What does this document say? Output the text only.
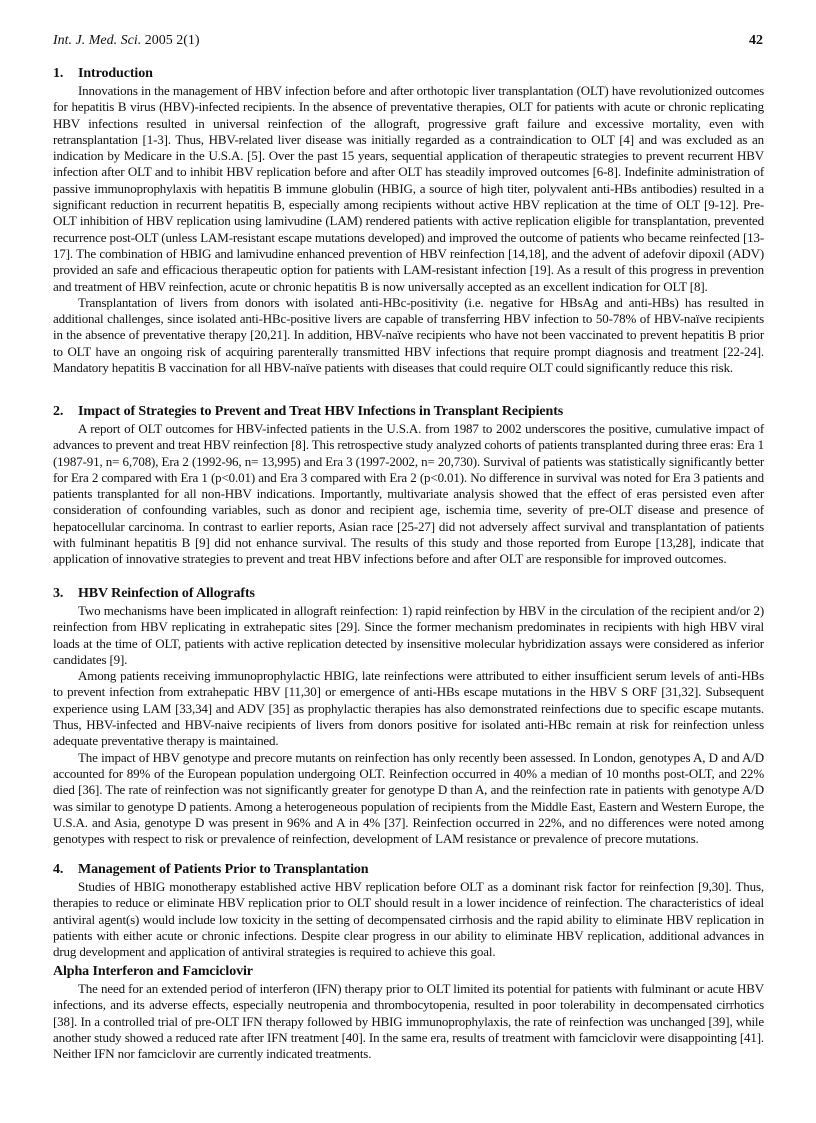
Int. J. Med. Sci. 2005 2(1)	42
1. Introduction

Innovations in the management of HBV infection before and after orthotopic liver transplantation (OLT) have revolutionized outcomes for hepatitis B virus (HBV)-infected recipients. In the absence of preventative therapies, OLT for patients with acute or chronic replicating HBV infections resulted in universal reinfection of the allograft, progressive graft failure and excessive mortality, even with retransplantation [1-3]. Thus, HBV-related liver disease was initially regarded as a contraindication to OLT [4] and was excluded as an indication by Medicare in the U.S.A. [5]. Over the past 15 years, sequential application of therapeutic strategies to prevent recurrent HBV infection after OLT and to inhibit HBV replication before and after OLT has steadily improved outcomes [6-8]. Indefinite administration of passive immunoprophylaxis with hepatitis B immune globulin (HBIG, a source of high titer, polyvalent anti-HBs antibodies) resulted in a significant reduction in recurrent hepatitis B, especially among recipients without active HBV replication at the time of OLT [9-12]. Pre-OLT inhibition of HBV replication using lamivudine (LAM) rendered patients with active replication eligible for transplantation, prevented recurrence post-OLT (unless LAM-resistant escape mutations developed) and improved the outcome of patients who became reinfected [13-17]. The combination of HBIG and lamivudine enhanced prevention of HBV reinfection [14,18], and the advent of adefovir dipoxil (ADV) provided an safe and efficacious therapeutic option for patients with LAM-resistant infection [19]. As a result of this progress in prevention and treatment of HBV reinfection, acute or chronic hepatitis B is now universally accepted as an excellent indication for OLT [8].

Transplantation of livers from donors with isolated anti-HBc-positivity (i.e. negative for HBsAg and anti-HBs) has resulted in additional challenges, since isolated anti-HBc-positive livers are capable of transferring HBV infection to 50-78% of HBV-naïve recipients in the absence of preventative therapy [20,21]. In addition, HBV-naïve recipients who have not been vaccinated to prevent hepatitis B prior to OLT have an ongoing risk of acquiring parenterally transmitted HBV infections that require prompt diagnosis and treatment [22-24]. Mandatory hepatitis B vaccination for all HBV-naïve patients with diseases that could require OLT could significantly reduce this risk.

2. Impact of Strategies to Prevent and Treat HBV Infections in Transplant Recipients

A report of OLT outcomes for HBV-infected patients in the U.S.A. from 1987 to 2002 underscores the positive, cumulative impact of advances to prevent and treat HBV reinfection [8]. This retrospective study analyzed cohorts of patients transplanted during three eras: Era 1 (1987-91, n= 6,708), Era 2 (1992-96, n= 13,995) and Era 3 (1997-2002, n= 20,730). Survival of patients was statistically significantly better for Era 2 compared with Era 1 (p<0.01) and Era 3 compared with Era 2 (p<0.01). No difference in survival was noted for Era 3 patients and patients transplanted for all non-HBV indications. Importantly, multivariate analysis showed that the effect of eras persisted even after consideration of confounding variables, such as donor and recipient age, ischemia time, severity of pre-OLT disease and presence of hepatocellular carcinoma. In contrast to earlier reports, Asian race [25-27] did not adversely affect survival and transplantation of patients with fulminant hepatitis B [9] did not enhance survival. The results of this study and those reported from Europe [13,28], indicate that application of innovative strategies to prevent and treat HBV infections before and after OLT are responsible for improved outcomes.

3. HBV Reinfection of Allografts

Two mechanisms have been implicated in allograft reinfection: 1) rapid reinfection by HBV in the circulation of the recipient and/or 2) reinfection from HBV replicating in extrahepatic sites [29]. Since the former mechanism predominates in recipients with high HBV viral loads at the time of OLT, patients with active replication detected by insensitive molecular hybridization assays were considered as inferior candidates [9].

Among patients receiving immunoprophylactic HBIG, late reinfections were attributed to either insufficient serum levels of anti-HBs to prevent infection from extrahepatic HBV [11,30] or emergence of anti-HBs escape mutations in the HBV S ORF [31,32]. Subsequent experience using LAM [33,34] and ADV [35] as prophylactic therapies has also demonstrated reinfections due to specific escape mutants. Thus, HBV-infected and HBV-naive recipients of livers from donors positive for isolated anti-HBc remain at risk for reinfection unless adequate preventative therapy is maintained.

The impact of HBV genotype and precore mutants on reinfection has only recently been assessed. In London, genotypes A, D and A/D accounted for 89% of the European population undergoing OLT. Reinfection occurred in 40% a median of 10 months post-OLT, and 22% died [36]. The rate of reinfection was not significantly greater for genotype D than A, and the reinfection rate in patients with genotype A/D was similar to genotype D patients. Among a heterogeneous population of recipients from the Middle East, Eastern and Western Europe, the U.S.A. and Asia, genotype D was present in 96% and A in 4% [37]. Reinfection occurred in 22%, and no differences were noted among genotypes with respect to risk or prevalence of reinfection, development of LAM resistance or prevalence of precore mutations.

4. Management of Patients Prior to Transplantation

Studies of HBIG monotherapy established active HBV replication before OLT as a dominant risk factor for reinfection [9,30]. Thus, therapies to reduce or eliminate HBV replication prior to OLT should result in a lower incidence of reinfection. The characteristics of ideal antiviral agent(s) would include low toxicity in the setting of decompensated cirrhosis and the rapid ability to eliminate HBV replication in patients with either acute or chronic infections. Despite clear progress in our ability to eliminate HBV replication, additional advances in drug development and application of antiviral strategies is required to achieve this goal.

Alpha Interferon and Famciclovir

The need for an extended period of interferon (IFN) therapy prior to OLT limited its potential for patients with fulminant or acute HBV infections, and its adverse effects, especially neutropenia and thrombocytopenia, resulted in poor tolerability in decompensated cirrhotics [38]. In a controlled trial of pre-OLT IFN therapy followed by HBIG immunoprophylaxis, the rate of reinfection was unchanged [39], while another study showed a reduced rate after IFN treatment [40]. In the same era, results of treatment with famciclovir were disappointing [41]. Neither IFN nor famciclovir are currently indicated treatments.
